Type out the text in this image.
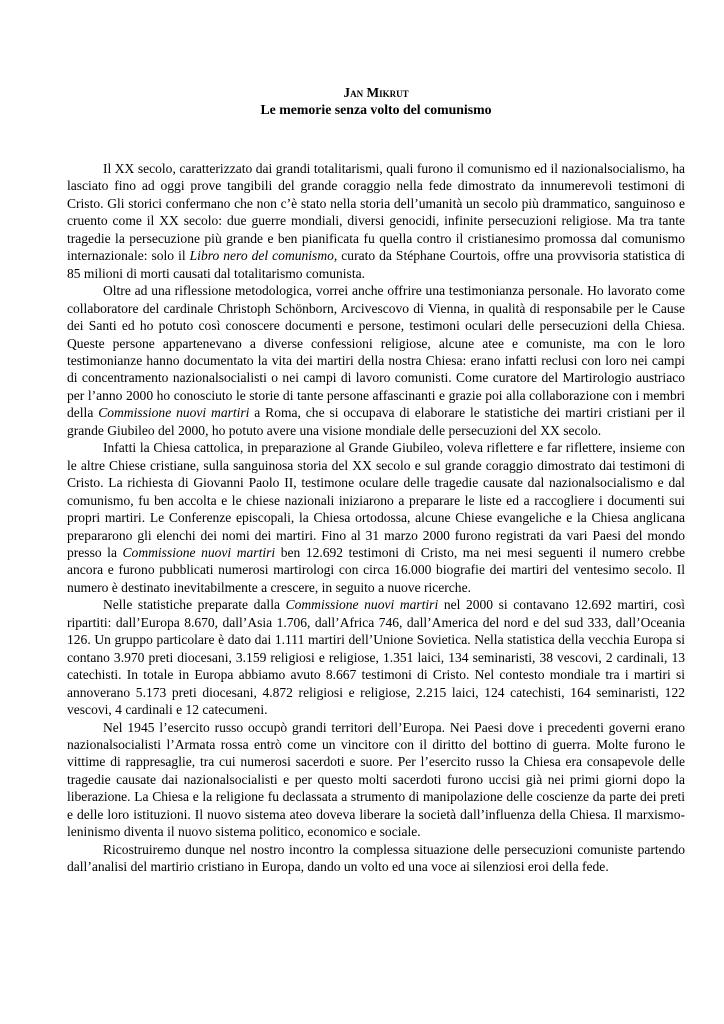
Jan Mikrut

Le memorie senza volto del comunismo

Il XX secolo, caratterizzato dai grandi totalitarismi, quali furono il comunismo ed il nazionalsocialismo, ha lasciato fino ad oggi prove tangibili del grande coraggio nella fede dimostrato da innumerevoli testimoni di Cristo. Gli storici confermano che non c’è stato nella storia dell’umanità un secolo più drammatico, sanguinoso e cruento come il XX secolo: due guerre mondiali, diversi genocidi, infinite persecuzioni religiose. Ma tra tante tragedie la persecuzione più grande e ben pianificata fu quella contro il cristianesimo promossa dal comunismo internazionale: solo il Libro nero del comunismo, curato da Stéphane Courtois, offre una provvisoria statistica di 85 milioni di morti causati dal totalitarismo comunista.

Oltre ad una riflessione metodologica, vorrei anche offrire una testimonianza personale. Ho lavorato come collaboratore del cardinale Christoph Schönborn, Arcivescovo di Vienna, in qualità di responsabile per le Cause dei Santi ed ho potuto così conoscere documenti e persone, testimoni oculari delle persecuzioni della Chiesa. Queste persone appartenevano a diverse confessioni religiose, alcune atee e comuniste, ma con le loro testimonianze hanno documentato la vita dei martiri della nostra Chiesa: erano infatti reclusi con loro nei campi di concentramento nazionalsocialisti o nei campi di lavoro comunisti. Come curatore del Martirologio austriaco per l’anno 2000 ho conosciuto le storie di tante persone affascinanti e grazie poi alla collaborazione con i membri della Commissione nuovi martiri a Roma, che si occupava di elaborare le statistiche dei martiri cristiani per il grande Giubileo del 2000, ho potuto avere una visione mondiale delle persecuzioni del XX secolo.

Infatti la Chiesa cattolica, in preparazione al Grande Giubileo, voleva riflettere e far riflettere, insieme con le altre Chiese cristiane, sulla sanguinosa storia del XX secolo e sul grande coraggio dimostrato dai testimoni di Cristo. La richiesta di Giovanni Paolo II, testimone oculare delle tragedie causate dal nazionalsocialismo e dal comunismo, fu ben accolta e le chiese nazionali iniziarono a preparare le liste ed a raccogliere i documenti sui propri martiri. Le Conferenze episcopali, la Chiesa ortodossa, alcune Chiese evangeliche e la Chiesa anglicana prepararono gli elenchi dei nomi dei martiri. Fino al 31 marzo 2000 furono registrati da vari Paesi del mondo presso la Commissione nuovi martiri ben 12.692 testimoni di Cristo, ma nei mesi seguenti il numero crebbe ancora e furono pubblicati numerosi martirologi con circa 16.000 biografie dei martiri del ventesimo secolo. Il numero è destinato inevitabilmente a crescere, in seguito a nuove ricerche.

Nelle statistiche preparate dalla Commissione nuovi martiri nel 2000 si contavano 12.692 martiri, così ripartiti: dall’Europa 8.670, dall’Asia 1.706, dall’Africa 746, dall’America del nord e del sud 333, dall’Oceania 126. Un gruppo particolare è dato dai 1.111 martiri dell’Unione Sovietica. Nella statistica della vecchia Europa si contano 3.970 preti diocesani, 3.159 religiosi e religiose, 1.351 laici, 134 seminaristi, 38 vescovi, 2 cardinali, 13 catechisti. In totale in Europa abbiamo avuto 8.667 testimoni di Cristo. Nel contesto mondiale tra i martiri si annoverano 5.173 preti diocesani, 4.872 religiosi e religiose, 2.215 laici, 124 catechisti, 164 seminaristi, 122 vescovi, 4 cardinali e 12 catecumeni.

Nel 1945 l’esercito russo occupò grandi territori dell’Europa. Nei Paesi dove i precedenti governi erano nazionalsocialisti l’Armata rossa entrò come un vincitore con il diritto del bottino di guerra. Molte furono le vittime di rappresaglie, tra cui numerosi sacerdoti e suore. Per l’esercito russo la Chiesa era consapevole delle tragedie causate dai nazionalsocialisti e per questo molti sacerdoti furono uccisi già nei primi giorni dopo la liberazione. La Chiesa e la religione fu declassata a strumento di manipolazione delle coscienze da parte dei preti e delle loro istituzioni. Il nuovo sistema ateo doveva liberare la società dall’influenza della Chiesa. Il marxismo-leninismo diventa il nuovo sistema politico, economico e sociale.

Ricostruiremo dunque nel nostro incontro la complessa situazione delle persecuzioni comuniste partendo dall’analisi del martirio cristiano in Europa, dando un volto ed una voce ai silenziosi eroi della fede.
